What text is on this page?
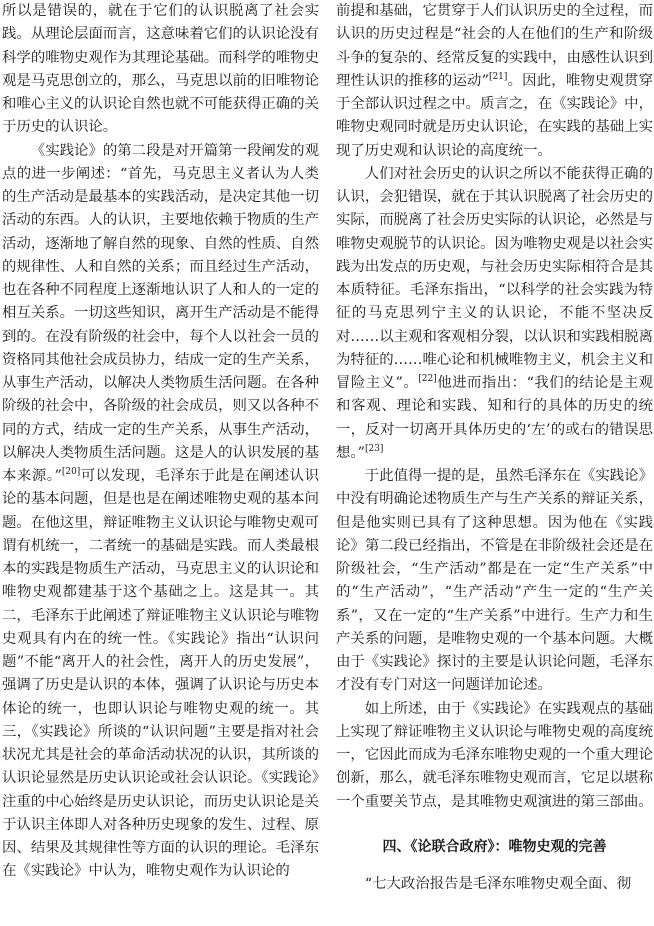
所以是错误的，就在于它们的认识脱离了社会实践。从理论层面而言，这意味着它们的认识论没有科学的唯物史观作为其理论基础。而科学的唯物史观是马克思创立的，那么，马克思以前的旧唯物论和唯心主义的认识论自然也就不可能获得正确的关于历史的认识论。

《实践论》的第二段是对开篇第一段阐发的观点的进一步阐述：“首先，马克思主义者认为人类的生产活动是最基本的实践活动，是决定其他一切活动的东西。人的认识，主要地依赖于物质的生产活动，逐渐地了解自然的现象、自然的性质、自然的规律性、人和自然的关系；而且经过生产活动，也在各种不同程度上逐渐地认识了人和人的一定的相互关系。一切这些知识，离开生产活动是不能得到的。在没有阶级的社会中，每个人以社会一员的资格同其他社会成员协力，结成一定的生产关系，从事生产活动，以解决人类物质生活问题。在各种阶级的社会中，各阶级的社会成员，则又以各种不同的方式，结成一定的生产关系，从事生产活动，以解决人类物质生活问题。这是人的认识发展的基本来源。”[20]可以发现，毛泽东于此是在阐述认识论的基本问题，但是也是在阐述唯物史观的基本问题。在他这里，辩证唯物主义认识论与唯物史观可谓有机统一，二者统一的基础是实践。而人类最根本的实践是物质生产活动，马克思主义的认识论和唯物史观都建基于这个基础之上。这是其一。其二，毛泽东于此阐述了辩证唯物主义认识论与唯物史观具有内在的统一性。《实践论》指出“认识问题”不能“离开人的社会性，离开人的历史发展”，强调了历史是认识的本体，强调了认识论与历史本体论的统一，也即认识论与唯物史观的统一。其三，《实践论》所谈的“认识问题”主要是指对社会状况尤其是社会的革命活动状况的认识，其所谈的认识论显然是历史认识论或社会认识论。《实践论》注重的中心始终是历史认识论，而历史认识论是关于认识主体即人对各种历史现象的发生、过程、原因、结果及其规律性等方面的认识的理论。毛泽东在《实践论》中认为，唯物史观作为认识论的

前提和基础，它贯穿于人们认识历史的全过程，而认识的历史过程是“社会的人在他们的生产和阶级斗争的复杂的、经常反复的实践中，由感性认识到理性认识的推移的运动”[21]。因此，唯物史观贯穿于全部认识过程之中。质言之，在《实践论》中，唯物史观同时就是历史认识论，在实践的基础上实现了历史观和认识论的高度统一。

人们对社会历史的认识之所以不能获得正确的认识，会犯错误，就在于其认识脱离了社会历史的实际，而脱离了社会历史实际的认识论，必然是与唯物史观脱节的认识论。因为唯物史观是以社会实践为出发点的历史观，与社会历史实际相符合是其本质特征。毛泽东指出，“以科学的社会实践为特征的马克思列宁主义的认识论，不能不坚决反对……以主观和客观相分裂，以认识和实践相脱离为特征的……唯心论和机械唯物主义，机会主义和冒险主义”。[22]他进而指出：“我们的结论是主观和客观、理论和实践、知和行的具体的历史的统一，反对一切离开具体历史的‘左’的或右的错误思想。”[23]

于此值得一提的是，虽然毛泽东在《实践论》中没有明确论述物质生产与生产关系的辩证关系，但是他实则已具有了这种思想。因为他在《实践论》第二段已经指出，不管是在非阶级社会还是在阶级社会，“生产活动”都是在一定“生产关系”中的“生产活动”，“生产活动”产生一定的“生产关系”，又在一定的“生产关系”中进行。生产力和生产关系的问题，是唯物史观的一个基本问题。大概由于《实践论》探讨的主要是认识论问题，毛泽东才没有专门对这一问题详加论述。

如上所述，由于《实践论》在实践观点的基础上实现了辩证唯物主义认识论与唯物史观的高度统一，它因此而成为毛泽东唯物史观的一个重大理论创新，那么，就毛泽东唯物史观而言，它足以堪称一个重要关节点，是其唯物史观演进的第三部曲。

四、《论联合政府》：唯物史观的完善

“七大政治报告是毛泽东唯物史观全面、彻
